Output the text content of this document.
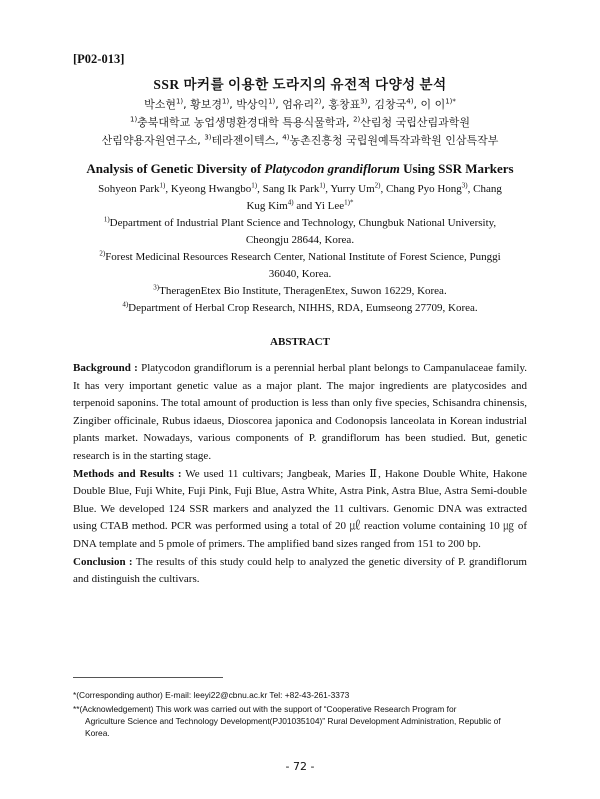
[P02-013]
SSR 마커를 이용한 도라지의 유전적 다양성 분석
박소현$^{1)}$, 황보경$^{1)}$, 박상익$^{1)}$, 엄유리$^{2)}$, 홍창표$^{3)}$, 김창국$^{4)}$, 이 이$^{1)*}$
$^{1)}$충북대학교 농업생명환경대학 특용식물학과, $^{2)}$산림청 국립산림과학원
산림약용자원연구소, $^{3)}$테라젠이텍스, $^{4)}$농촌진흥청 국립원예특작과학원 인삼특작부
Analysis of Genetic Diversity of Platycodon grandiflorum Using SSR Markers
Sohyeon Park$^{1)}$, Kyeong Hwangbo$^{1)}$, Sang Ik Park$^{1)}$, Yurry Um$^{2)}$, Chang Pyo Hong$^{3)}$, Chang
Kug Kim$^{4)}$ and Yi Lee$^{1)*}$
$^{1)}$Department of Industrial Plant Science and Technology, Chungbuk National University,
Cheongju 28644, Korea.
$^{2)}$Forest Medicinal Resources Research Center, National Institute of Forest Science, Punggi
36040, Korea.
$^{3)}$TheragenEtex Bio Institute, TheragenEtex, Suwon 16229, Korea.
$^{4)}$Department of Herbal Crop Research, NIHHS, RDA, Eumseong 27709, Korea.
ABSTRACT

Background : Platycodon grandiflorum is a perennial herbal plant belongs to Campanulaceae family. It has very important genetic value as a major plant. The major ingredients are platycosides and terpenoid saponins. The total amount of production is less than only five species, Schisandra chinensis, Zingiber officinale, Rubus idaeus, Dioscorea japonica and Codonopsis lanceolata in Korean industrial plants market. Nowadays, various components of P. grandiflorum has been studied. But, genetic research is in the starting stage.

Methods and Results : We used 11 cultivars; Jangbeak, Maries Ⅱ, Hakone Double White, Hakone Double Blue, Fuji White, Fuji Pink, Fuji Blue, Astra White, Astra Pink, Astra Blue, Astra Semi-double Blue. We developed 124 SSR markers and analyzed the 11 cultivars. Genomic DNA was extracted using CTAB method. PCR was performed using a total of 20 ㎕ reaction volume containing 10 ㎍ of DNA template and 5 pmole of primers. The amplified band sizes ranged from 151 to 200 bp.

Conclusion : The results of this study could help to analyzed the genetic diversity of P. grandiflorum and distinguish the cultivars.

*(Corresponding author) E-mail: leeyi22@cbnu.ac.kr Tel: +82-43-261-3373
**(Acknowledgement) This work was carried out with the support of “Cooperative Research Program for
Agriculture Science and Technology Development(PJ01035104)” Rural Development Administration, Republic of
Korea.
- 72 -
